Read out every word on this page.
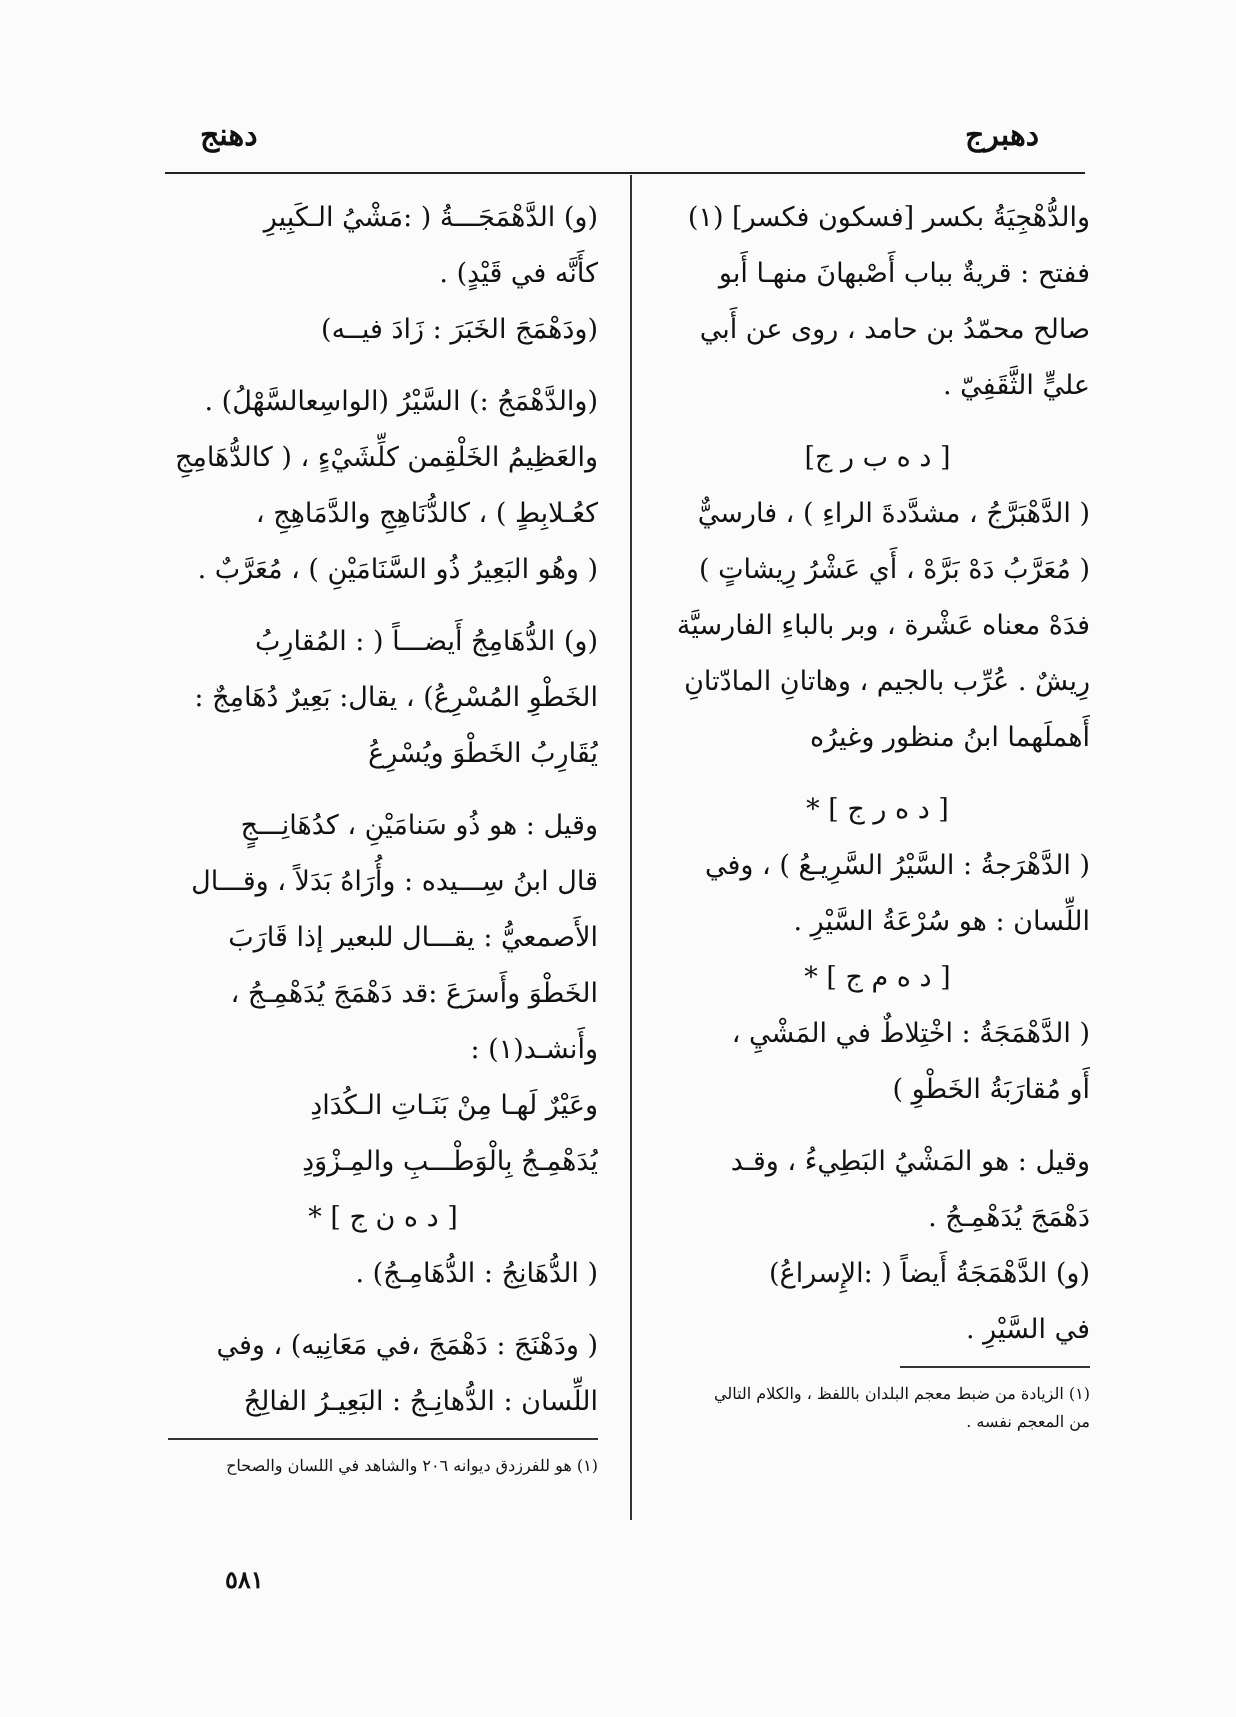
دهبرج
دهنج

والدُّهْجِيَةُ بكسر [فسكون فكسر] (١)

ففتح : قريةٌ بباب أَصْبهانَ منهـا أَبو

صالح محمّدُ بن حامد ، روى عن أَبي

عليٍّ الثَّقَفِيّ .

[ د ه ب ر ج]

( الدَّهْبَرَّجُ ، مشدَّدةَ الراءِ ) ، فارسيٌّ

( مُعَرَّبُ دَهْ بَرَّهْ ، أَي عَشْرُ رِيشاتٍ )

فدَهْ معناه عَشْرة ، وبر بالباءِ الفارسيَّة

رِيشٌ . عُرِّب بالجيم ، وهاتانِ المادّتانِ

أَهملَهما ابنُ منظور وغيرُه

[ د ه ر ج ] *

( الدَّهْرَجةُ : السَّيْرُ السَّرِيـعُ ) ، وفي

اللِّسان : هو سُرْعَةُ السَّيْرِ .

[ د ه م ج ] *

( الدَّهْمَجَةُ : اخْتِلاطٌ في المَشْيِ ،

أَو مُقارَبَةُ الخَطْوِ )

وقيل : هو المَشْيُ البَطِيءُ ، وقـد

دَهْمَجَ يُدَهْمِـجُ .

(و) الدَّهْمَجَةُ أَيضاً ( :الإِسراعُ)

في السَّيْرِ .

(١) الزيادة من ضبط معجم البلدان باللفظ ، والكلام التالي

من المعجم نفسه .

(و) الدَّهْمَجَـــةُ ( :مَشْيُ الـكَبِيرِ

كأَنَّه في قَيْدٍ) .

(ودَهْمَجَ الخَبَرَ : زَادَ فيــه)

(والدَّهْمَجُ :) السَّيْرُ (الواسِعالسَّهْلُ) .

والعَظِيمُ الخَلْقِمن كلِّشَيْءٍ ، ( كالدُّهَامِجِ

كعُـلابِطٍ ) ، كالدُّنَاهِجِ والدَّمَاهِجِ ،

( وهُو البَعِيرُ ذُو السَّنَامَيْنِ ) ، مُعَرَّبٌ .

(و) الدُّهَامِجُ أَيضـــاً ( : المُقارِبُ

الخَطْوِ المُسْرِعُ) ، يقال: بَعِيرٌ دُهَامِجٌ :

يُقَارِبُ الخَطْوَ ويُسْرِعُ

وقيل : هو ذُو سَنامَيْنِ ، كدُهَانِـــجٍ

قال ابنُ سِـــيده : وأُرَاهُ بَدَلاً ، وقـــال

الأَصمعيُّ : يقـــال للبعير إذا قَارَبَ

الخَطْوَ وأَسرَعَ :قد دَهْمَجَ يُدَهْمِـجُ ،

وأَنشـد(١) :

وعَيْرٌ لَهـا مِنْ بَنَـاتِ الـكُدَادِ

يُدَهْمِـجُ بِالْوَطْـــبِ والمِـزْوَدِ

[ د ه ن ج ] *

( الدُّهَانِجُ : الدُّهَامِـجُ) .

( ودَهْنَجَ : دَهْمَجَ ،في مَعَانِيه) ، وفي

اللِّسان : الدُّهانِـجُ : البَعِيـرُ الفالِجُ

(١) هو للفرزدق ديوانه ٢٠٦ والشاهد في اللسان والصحاح

٥٨١
